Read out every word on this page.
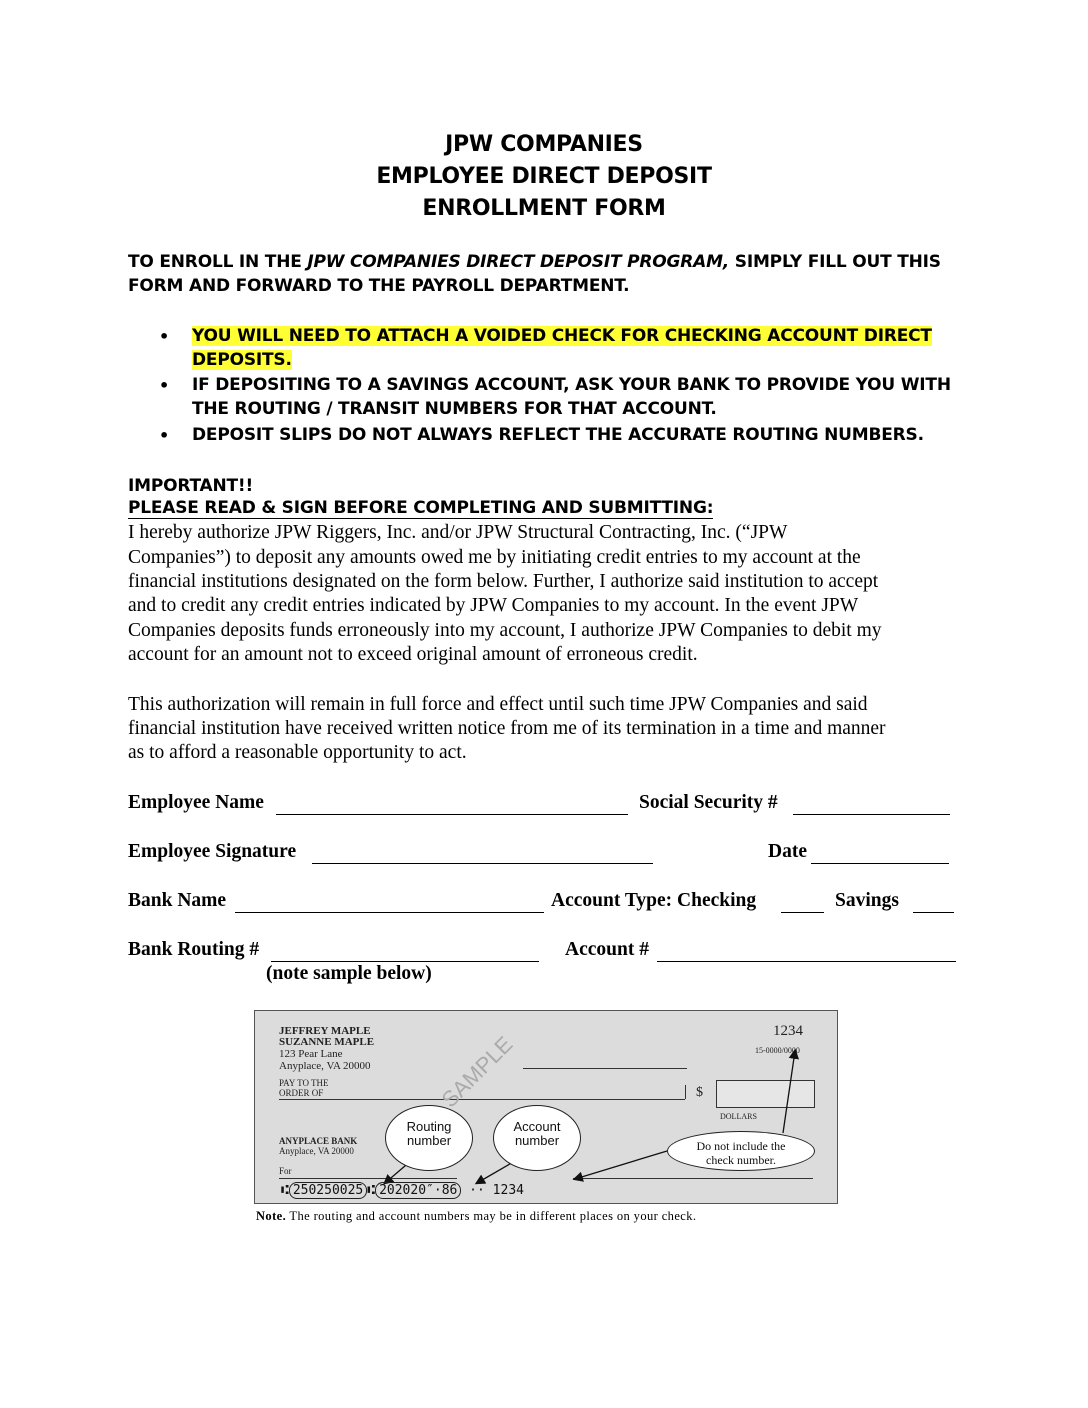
JPW COMPANIES
EMPLOYEE DIRECT DEPOSIT
ENROLLMENT FORM
TO ENROLL IN THE JPW COMPANIES DIRECT DEPOSIT PROGRAM, SIMPLY FILL OUT THIS
FORM AND FORWARD TO THE PAYROLL DEPARTMENT.
• YOU WILL NEED TO ATTACH A VOIDED CHECK FOR CHECKING ACCOUNT DIRECT
DEPOSITS.
• IF DEPOSITING TO A SAVINGS ACCOUNT, ASK YOUR BANK TO PROVIDE YOU WITH
THE ROUTING / TRANSIT NUMBERS FOR THAT ACCOUNT.
• DEPOSIT SLIPS DO NOT ALWAYS REFLECT THE ACCURATE ROUTING NUMBERS.
IMPORTANT!!
PLEASE READ & SIGN BEFORE COMPLETING AND SUBMITTING:
I hereby authorize JPW Riggers, Inc. and/or JPW Structural Contracting, Inc. (“JPW
Companies”) to deposit any amounts owed me by initiating credit entries to my account at the
financial institutions designated on the form below. Further, I authorize said institution to accept
and to credit any credit entries indicated by JPW Companies to my account. In the event JPW
Companies deposits funds erroneously into my account, I authorize JPW Companies to debit my
account for an amount not to exceed original amount of erroneous credit.
This authorization will remain in full force and effect until such time JPW Companies and said
financial institution have received written notice from me of its termination in a time and manner
as to afford a reasonable opportunity to act.
Employee Name	Social Security #
Employee Signature	Date
Bank Name	Account Type: Checking	Savings
Bank Routing #	Account #
(note sample below)
JEFFREY MAPLE
SUZANNE MAPLE
123 Pear Lane
Anyplace, VA 20000
1234
15-0000/0000
PAY TO THE
ORDER OF	$
DOLLARS
ANYPLACE BANK
Anyplace, VA 20000
For
SAMPLE
Routing number
Account number	Do not include the check number.
⑆ 250250025 ⑆ 202020″·86 ·· 1234
Note. The routing and account numbers may be in different places on your check.
